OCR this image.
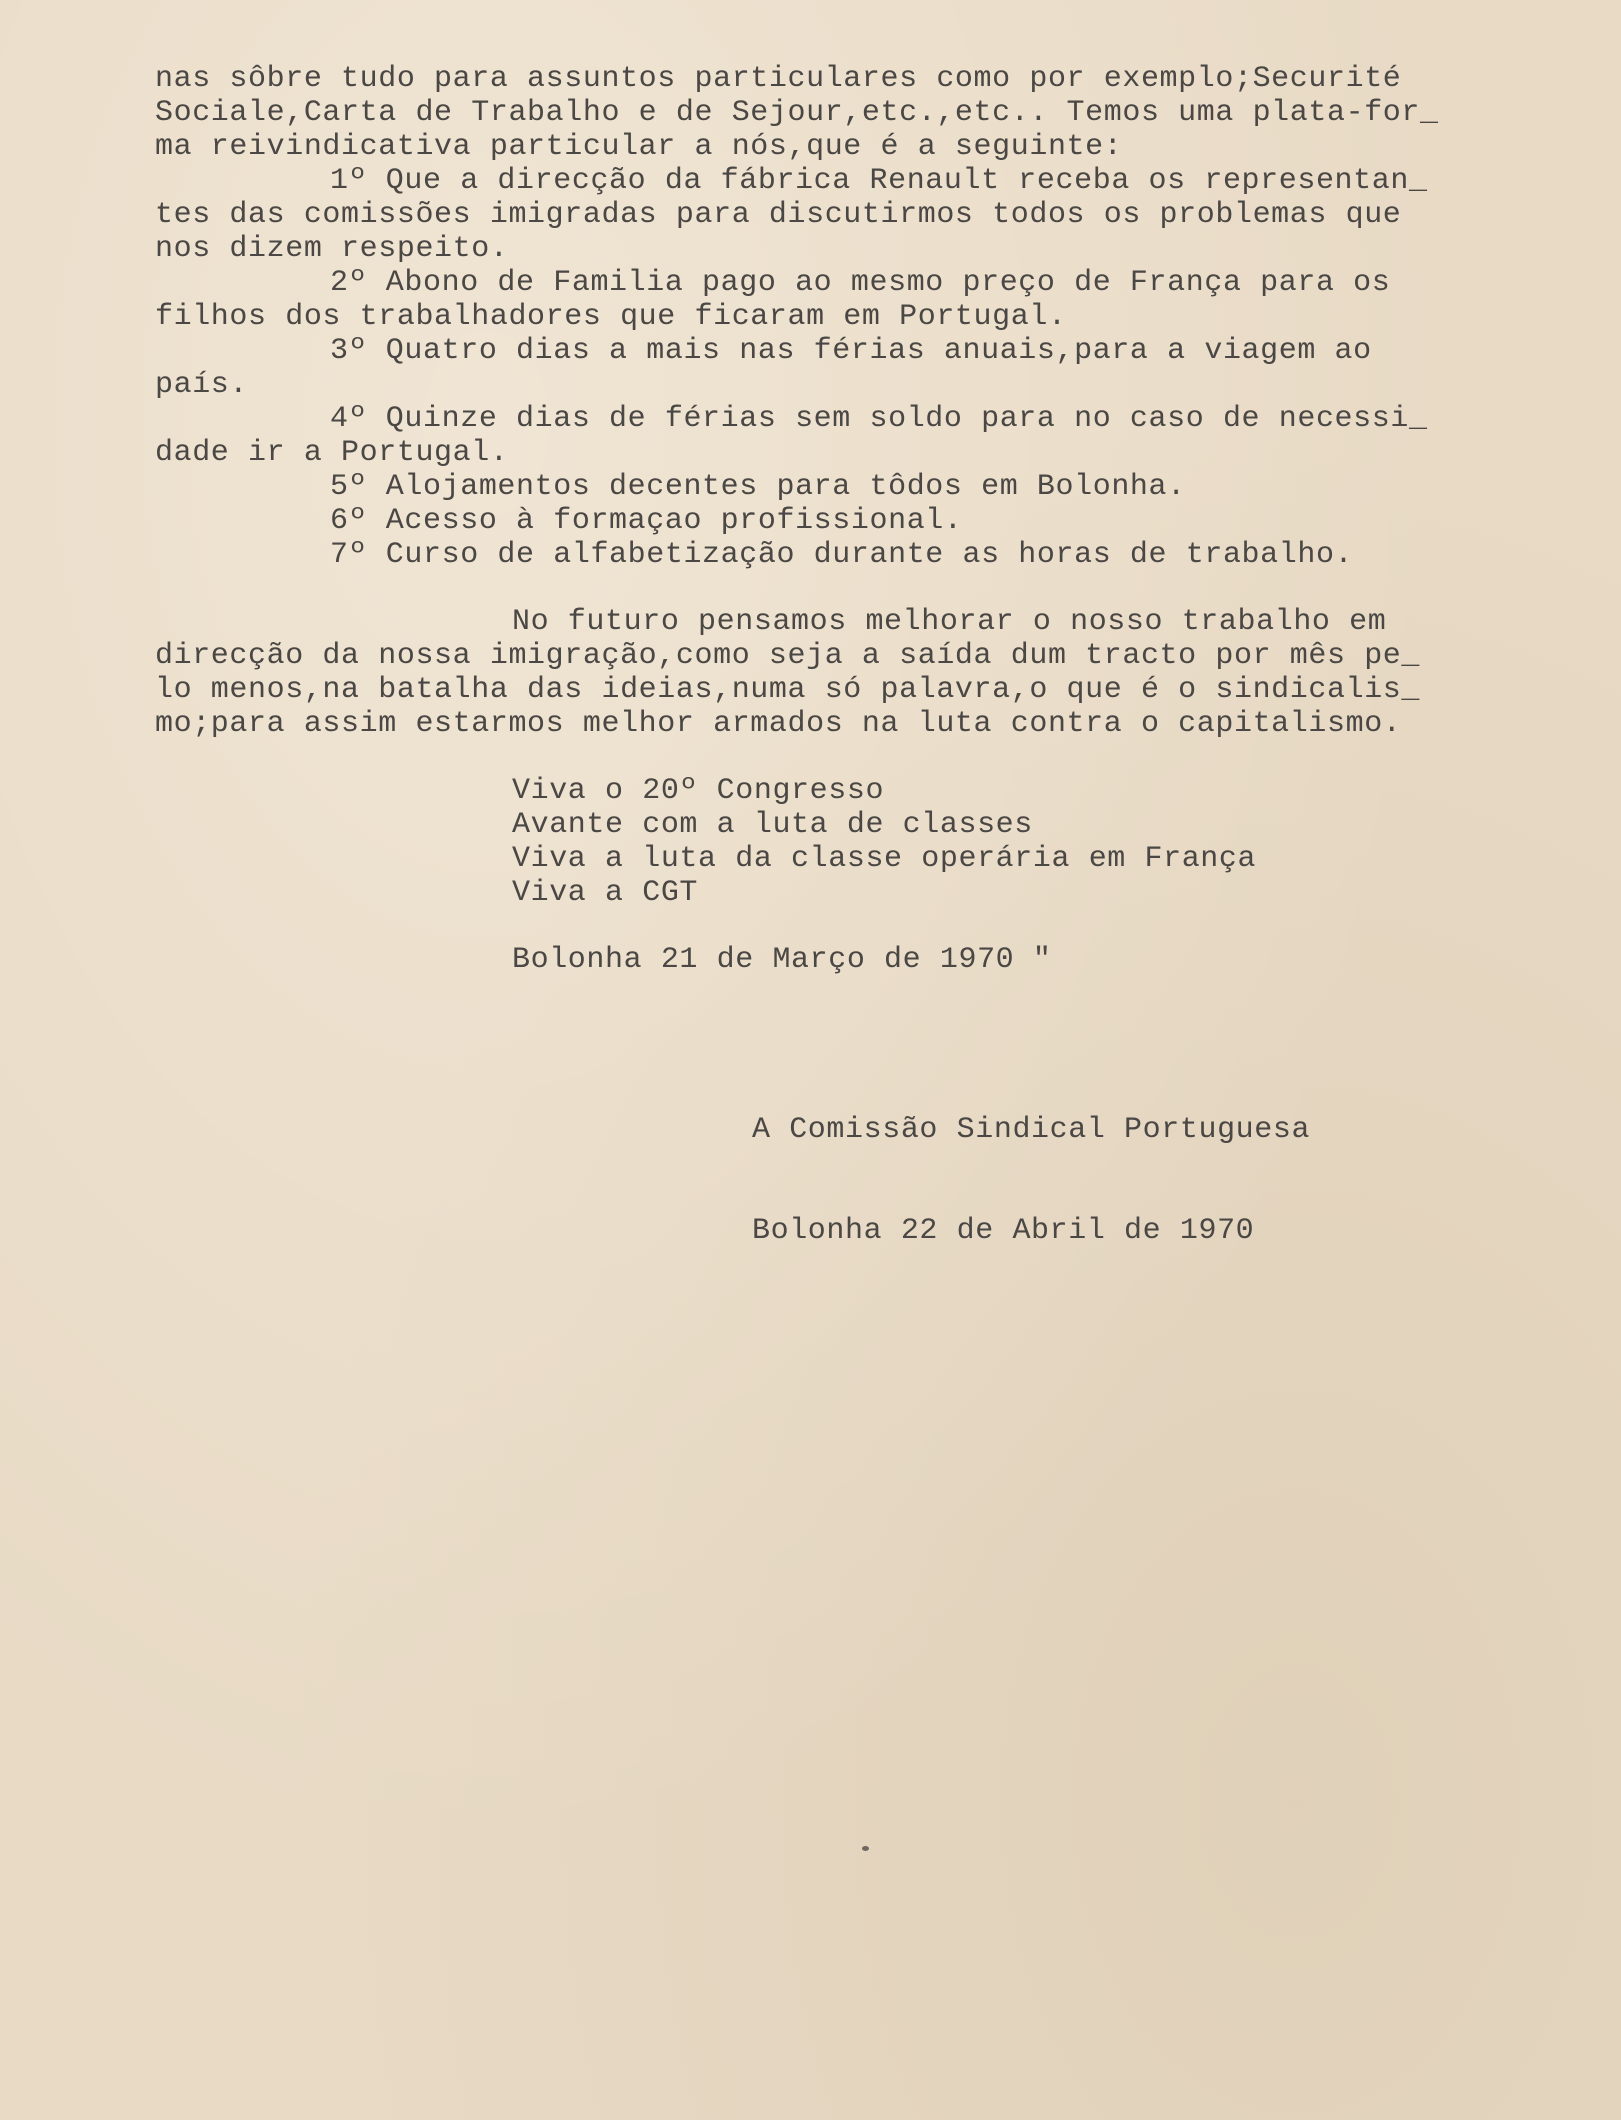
nas sôbre tudo para assuntos particulares como por exemplo;Securité

Sociale,Carta de Trabalho e de Sejour,etc.,etc.. Temos uma plata-for_

ma reivindicativa particular a nós,que é a seguinte:

1º Que a direcção da fábrica Renault receba os representan_

tes das comissões imigradas para discutirmos todos os problemas que

nos dizem respeito.

2º Abono de Familia pago ao mesmo preço de França para os

filhos dos trabalhadores que ficaram em Portugal.

3º Quatro dias a mais nas férias anuais,para a viagem ao

país.

4º Quinze dias de férias sem soldo para no caso de necessi_

dade ir a Portugal.

5º Alojamentos decentes para tôdos em Bolonha.

6º Acesso à formaçao profissional.

7º Curso de alfabetização durante as horas de trabalho.

No futuro pensamos melhorar o nosso trabalho em

direcção da nossa imigração,como seja a saída dum tracto por mês pe_

lo menos,na batalha das ideias,numa só palavra,o que é o sindicalis_

mo;para assim estarmos melhor armados na luta contra o capitalismo.

Viva o 20º Congresso

Avante com a luta de classes

Viva a luta da classe operária em França

Viva a CGT

Bolonha 21 de Março de 1970 "

A Comissão Sindical Portuguesa

Bolonha 22 de Abril de 1970
